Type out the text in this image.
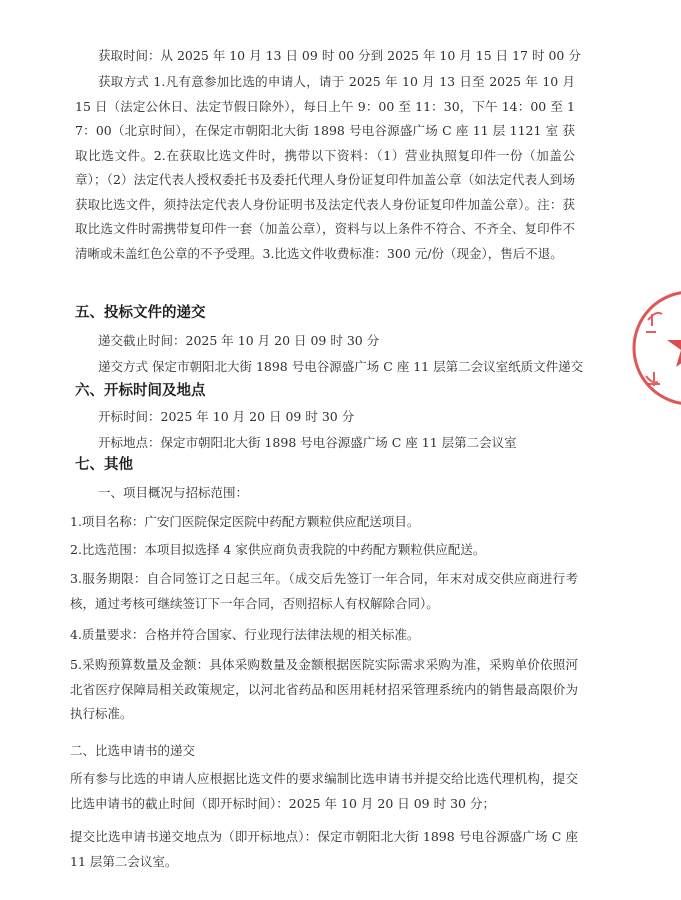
获取时间：从 2025 年 10 月 13 日 09 时 00 分到 2025 年 10 月 15 日 17 时 00 分
获取方式 1.凡有意参加比选的申请人，请于 2025 年 10 月 13 日至 2025 年 10 月 15 日（法定公休日、法定节假日除外），每日上午 9：00 至 11：30，下午 14：00 至 17：00（北京时间），在保定市朝阳北大街 1898 号电谷源盛广场 C 座 11 层 1121 室 获取比选文件。2.在获取比选文件时，携带以下资料：（1）营业执照复印件一份（加盖公章）；（2）法定代表人授权委托书及委托代理人身份证复印件加盖公章（如法定代表人到场获取比选文件，须持法定代表人身份证明书及法定代表人身份证复印件加盖公章）。注：获取比选文件时需携带复印件一套（加盖公章），资料与以上条件不符合、不齐全、复印件不清晰或未盖红色公章的不予受理。3.比选文件收费标准：300 元/份（现金），售后不退。
五、投标文件的递交
递交截止时间：2025 年 10 月 20 日 09 时 30 分
递交方式 保定市朝阳北大街 1898 号电谷源盛广场 C 座 11 层第二会议室纸质文件递交
六、开标时间及地点
开标时间：2025 年 10 月 20 日 09 时 30 分
开标地点：保定市朝阳北大街 1898 号电谷源盛广场 C 座 11 层第二会议室
七、其他
一、项目概况与招标范围：
1.项目名称：广安门医院保定医院中药配方颗粒供应配送项目。
2.比选范围：本项目拟选择 4 家供应商负责我院的中药配方颗粒供应配送。
3.服务期限：自合同签订之日起三年。（成交后先签订一年合同，年末对成交供应商进行考核，通过考核可继续签订下一年合同，否则招标人有权解除合同）。
4.质量要求：合格并符合国家、行业现行法律法规的相关标准。
5.采购预算数量及金额：具体采购数量及金额根据医院实际需求采购为准，采购单价依照河北省医疗保障局相关政策规定，以河北省药品和医用耗材招采管理系统内的销售最高限价为执行标准。
二、比选申请书的递交
所有参与比选的申请人应根据比选文件的要求编制比选申请书并提交给比选代理机构，提交比选申请书的截止时间（即开标时间）：2025 年 10 月 20 日 09 时 30 分；
提交比选申请书递交地点为（即开标地点）：保定市朝阳北大街 1898 号电谷源盛广场 C 座 11 层第二会议室。
